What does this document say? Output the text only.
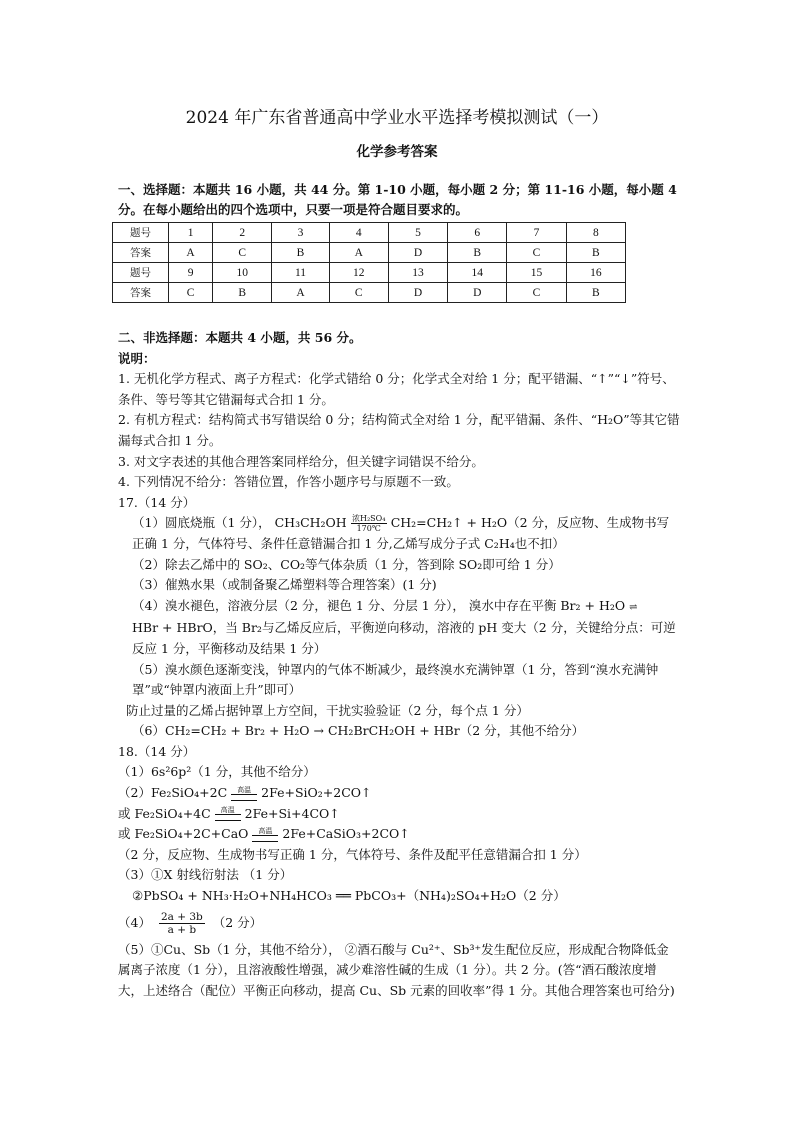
2024 年广东省普通高中学业水平选择考模拟测试（一）
化学参考答案
一、选择题：本题共 16 小题，共 44 分。第 1-10 小题，每小题 2 分；第 11-16 小题，每小题 4 分。在每小题给出的四个选项中，只要一项是符合题目要求的。
题号	1	2	3	4	5	6	7	8
答案	A	C	B	A	D	B	C	B
题号	9	10	11	12	13	14	15	16
答案	C	B	A	C	D	D	C	B

二、非选择题：本题共 4 小题，共 56 分。

说明：

1. 无机化学方程式、离子方程式：化学式错给 0 分；化学式全对给 1 分；配平错漏、“↑”“↓”符号、条件、等号等其它错漏每式合扣 1 分。

2. 有机方程式：结构简式书写错误给 0 分；结构简式全对给 1 分，配平错漏、条件、“H₂O”等其它错漏每式合扣 1 分。

3. 对文字表述的其他合理答案同样给分，但关键字词错误不给分。

4. 下列情况不给分：答错位置，作答小题序号与原题不一致。

17.（14 分）

（1）圆底烧瓶（1 分）， CH₃CH₂OH 浓H₂SO₄
170℃ CH₂=CH₂↑ + H₂O（2 分，反应物、生成物书写正确 1 分，气体符号、条件任意错漏合扣 1 分,乙烯写成分子式 C₂H₄也不扣）

（2）除去乙烯中的 SO₂、CO₂等气体杂质（1 分，答到除 SO₂即可给 1 分）

（3）催熟水果（或制备聚乙烯塑料等合理答案）(1 分)

（4）溴水褪色，溶液分层（2 分，褪色 1 分、分层 1 分）， 溴水中存在平衡 Br₂ + H₂O ⇌ HBr + HBrO，当 Br₂与乙烯反应后，平衡逆向移动，溶液的 pH 变大（2 分，关键给分点：可逆反应 1 分，平衡移动及结果 1 分）

（5）溴水颜色逐渐变浅，钟罩内的气体不断减少，最终溴水充满钟罩（1 分，答到“溴水充满钟罩”或“钟罩内液面上升”即可）

防止过量的乙烯占据钟罩上方空间，干扰实验验证（2 分，每个点 1 分）

（6）CH₂=CH₂ + Br₂ + H₂O → CH₂BrCH₂OH + HBr（2 分，其他不给分）

18.（14 分）

（1）6s²6p²（1 分，其他不给分）

（2）Fe₂SiO₄+2C 高温 2Fe+SiO₂+2CO↑

或 Fe₂SiO₄+4C 高温 2Fe+Si+4CO↑

或 Fe₂SiO₄+2C+CaO 高温 2Fe+CaSiO₃+2CO↑

（2 分，反应物、生成物书写正确 1 分，气体符号、条件及配平任意错漏合扣 1 分）

（3）①X 射线衍射法 （1 分）

②PbSO₄ + NH₃·H₂O+NH₄HCO₃ ══ PbCO₃+（NH₄)₂SO₄+H₂O（2 分）

$(4) \frac{2a + 3b}{a + b} (2$ 分）

（5）①Cu、Sb（1 分，其他不给分）， ②酒石酸与 Cu²⁺、Sb³⁺发生配位反应，形成配合物降低金属离子浓度（1 分），且溶液酸性增强，减少难溶性碱的生成（1 分）。共 2 分。(答“酒石酸浓度增大，上述络合（配位）平衡正向移动，提高 Cu、Sb 元素的回收率”得 1 分。其他合理答案也可给分)
